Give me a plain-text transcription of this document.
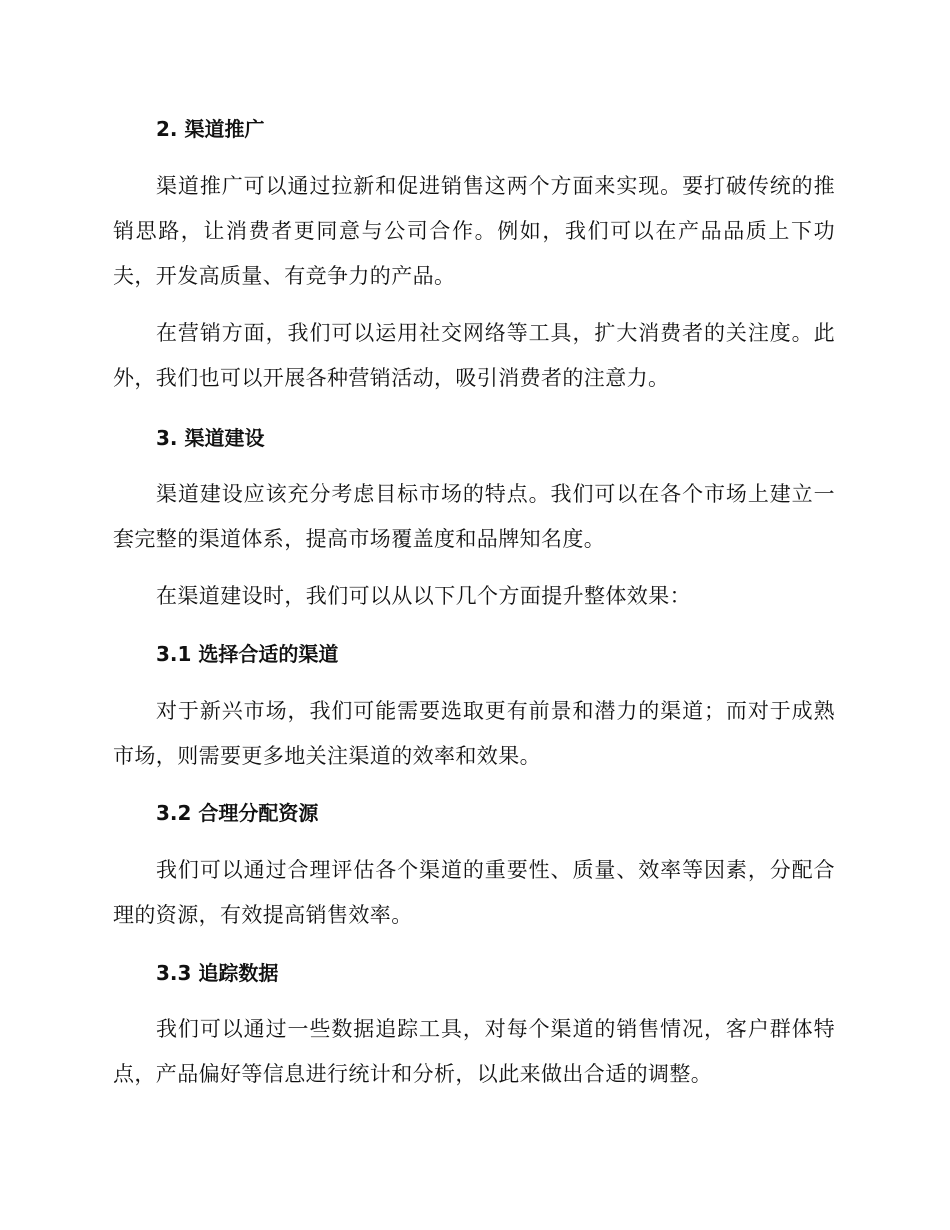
2. 渠道推广

渠道推广可以通过拉新和促进销售这两个方面来实现。要打破传统的推销思路，让消费者更同意与公司合作。例如，我们可以在产品品质上下功夫，开发高质量、有竞争力的产品。

在营销方面，我们可以运用社交网络等工具，扩大消费者的关注度。此外，我们也可以开展各种营销活动，吸引消费者的注意力。

3. 渠道建设

渠道建设应该充分考虑目标市场的特点。我们可以在各个市场上建立一套完整的渠道体系，提高市场覆盖度和品牌知名度。

在渠道建设时，我们可以从以下几个方面提升整体效果：

3.1 选择合适的渠道

对于新兴市场，我们可能需要选取更有前景和潜力的渠道；而对于成熟市场，则需要更多地关注渠道的效率和效果。

3.2 合理分配资源

我们可以通过合理评估各个渠道的重要性、质量、效率等因素，分配合理的资源，有效提高销售效率。

3.3 追踪数据

我们可以通过一些数据追踪工具，对每个渠道的销售情况，客户群体特点，产品偏好等信息进行统计和分析，以此来做出合适的调整。
